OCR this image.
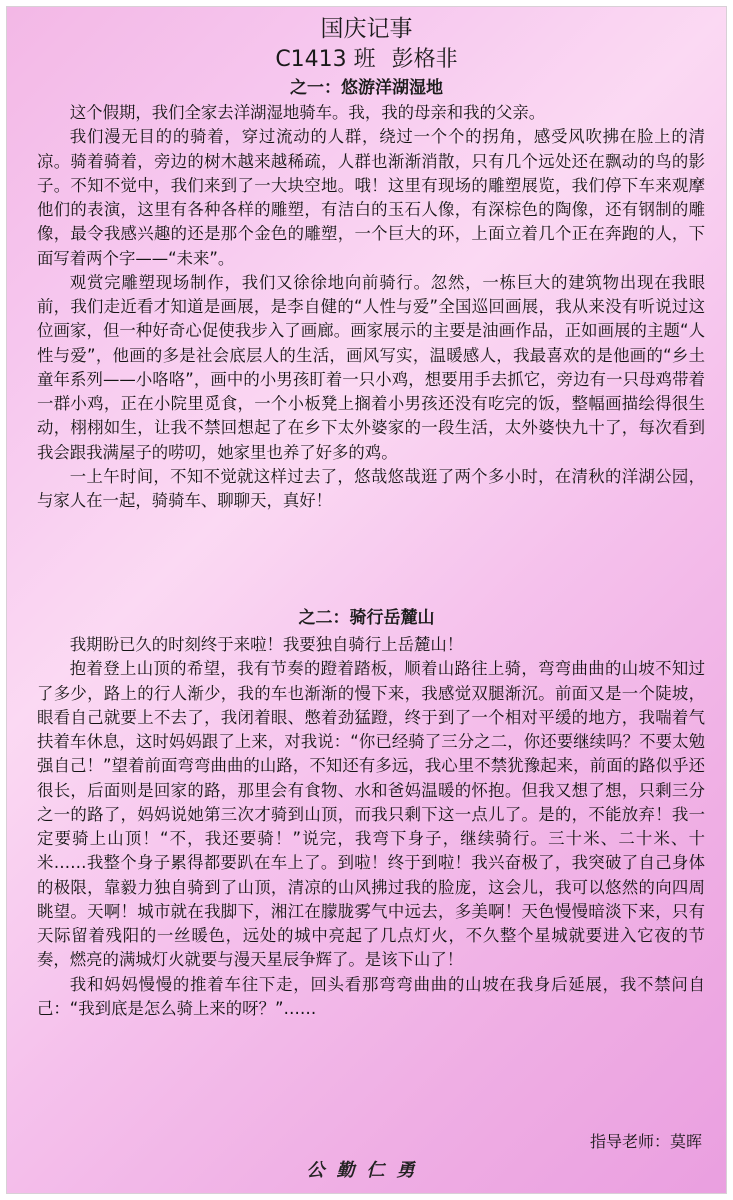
国庆记事
C1413 班 彭格非
之一：悠游洋湖湿地

这个假期，我们全家去洋湖湿地骑车。我，我的母亲和我的父亲。

我们漫无目的的骑着，穿过流动的人群，绕过一个个的拐角，感受风吹拂在脸上的清凉。骑着骑着，旁边的树木越来越稀疏，人群也渐渐消散，只有几个远处还在飘动的鸟的影子。不知不觉中，我们来到了一大块空地。哦！这里有现场的雕塑展览，我们停下车来观摩他们的表演，这里有各种各样的雕塑，有洁白的玉石人像，有深棕色的陶像，还有钢制的雕像，最令我感兴趣的还是那个金色的雕塑，一个巨大的环，上面立着几个正在奔跑的人，下面写着两个字——“未来”。

观赏完雕塑现场制作，我们又徐徐地向前骑行。忽然，一栋巨大的建筑物出现在我眼前，我们走近看才知道是画展，是李自健的“人性与爱”全国巡回画展，我从来没有听说过这位画家，但一种好奇心促使我步入了画廊。画家展示的主要是油画作品，正如画展的主题“人性与爱”，他画的多是社会底层人的生活，画风写实，温暖感人，我最喜欢的是他画的“乡土童年系列——小咯咯”，画中的小男孩盯着一只小鸡，想要用手去抓它，旁边有一只母鸡带着一群小鸡，正在小院里觅食，一个小板凳上搁着小男孩还没有吃完的饭，整幅画描绘得很生动，栩栩如生，让我不禁回想起了在乡下太外婆家的一段生活，太外婆快九十了，每次看到我会跟我满屋子的唠叨，她家里也养了好多的鸡。

一上午时间，不知不觉就这样过去了，悠哉悠哉逛了两个多小时，在清秋的洋湖公园，与家人在一起，骑骑车、聊聊天，真好！

之二：骑行岳麓山

我期盼已久的时刻终于来啦！我要独自骑行上岳麓山！

抱着登上山顶的希望，我有节奏的蹬着踏板，顺着山路往上骑，弯弯曲曲的山坡不知过了多少，路上的行人渐少，我的车也渐渐的慢下来，我感觉双腿渐沉。前面又是一个陡坡，眼看自己就要上不去了，我闭着眼、憋着劲猛蹬，终于到了一个相对平缓的地方，我喘着气扶着车休息，这时妈妈跟了上来，对我说：“你已经骑了三分之二，你还要继续吗？不要太勉强自己！”望着前面弯弯曲曲的山路，不知还有多远，我心里不禁犹豫起来，前面的路似乎还很长，后面则是回家的路，那里会有食物、水和爸妈温暖的怀抱。但我又想了想，只剩三分之一的路了，妈妈说她第三次才骑到山顶，而我只剩下这一点儿了。是的，不能放弃！我一定要骑上山顶！“不，我还要骑！”说完，我弯下身子，继续骑行。三十米、二十米、十米……我整个身子累得都要趴在车上了。到啦！终于到啦！我兴奋极了，我突破了自己身体的极限，靠毅力独自骑到了山顶，清凉的山风拂过我的脸庞，这会儿，我可以悠然的向四周眺望。天啊！城市就在我脚下，湘江在朦胧雾气中远去，多美啊！天色慢慢暗淡下来，只有天际留着残阳的一丝暖色，远处的城中亮起了几点灯火，不久整个星城就要进入它夜的节奏，燃亮的满城灯火就要与漫天星辰争辉了。是该下山了！

我和妈妈慢慢的推着车往下走，回头看那弯弯曲曲的山坡在我身后延展，我不禁问自己：“我到底是怎么骑上来的呀？”……

指导老师：莫晖
公勤仁勇
